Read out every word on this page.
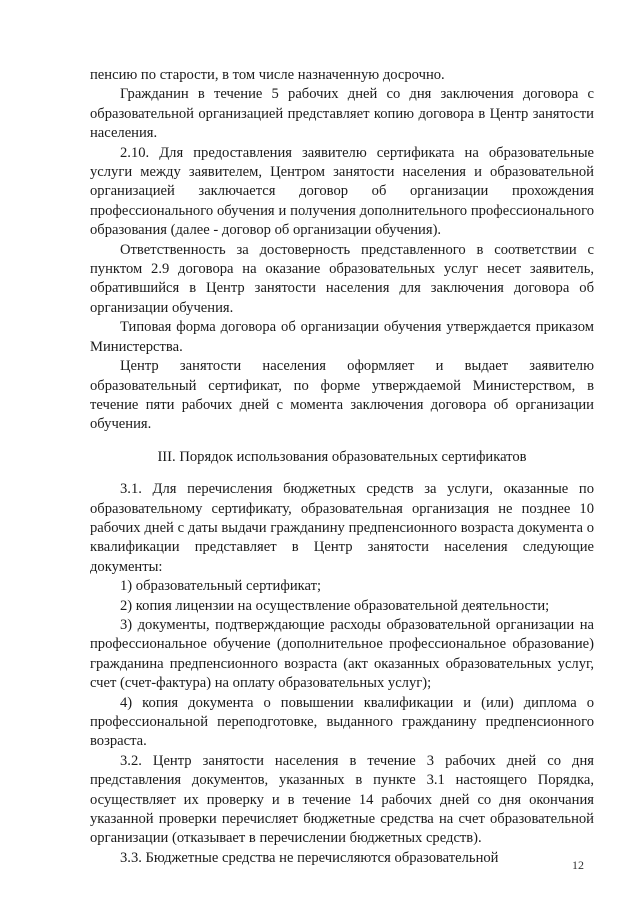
пенсию по старости, в том числе назначенную досрочно.

Гражданин в течение 5 рабочих дней со дня заключения договора с образовательной организацией представляет копию договора в Центр занятости населения.

2.10. Для предоставления заявителю сертификата на образовательные услуги между заявителем, Центром занятости населения и образовательной организацией заключается договор об организации прохождения профессионального обучения и получения дополнительного профессионального образования (далее - договор об организации обучения).

Ответственность за достоверность представленного в соответствии с пунктом 2.9 договора на оказание образовательных услуг несет заявитель, обратившийся в Центр занятости населения для заключения договора об организации обучения.

Типовая форма договора об организации обучения утверждается приказом Министерства.

Центр занятости населения оформляет и выдает заявителю образовательный сертификат, по форме утверждаемой Министерством, в течение пяти рабочих дней с момента заключения договора об организации обучения.

III. Порядок использования образовательных сертификатов

3.1. Для перечисления бюджетных средств за услуги, оказанные по образовательному сертификату, образовательная организация не позднее 10 рабочих дней с даты выдачи гражданину предпенсионного возраста документа о квалификации представляет в Центр занятости населения следующие документы:

1) образовательный сертификат;

2) копия лицензии на осуществление образовательной деятельности;

3) документы, подтверждающие расходы образовательной организации на профессиональное обучение (дополнительное профессиональное образование) гражданина предпенсионного возраста (акт оказанных образовательных услуг, счет (счет-фактура) на оплату образовательных услуг);

4) копия документа о повышении квалификации и (или) диплома о профессиональной переподготовке, выданного гражданину предпенсионного возраста.

3.2. Центр занятости населения в течение 3 рабочих дней со дня представления документов, указанных в пункте 3.1 настоящего Порядка, осуществляет их проверку и в течение 14 рабочих дней со дня окончания указанной проверки перечисляет бюджетные средства на счет образовательной организации (отказывает в перечислении бюджетных средств).

3.3. Бюджетные средства не перечисляются образовательной	12
